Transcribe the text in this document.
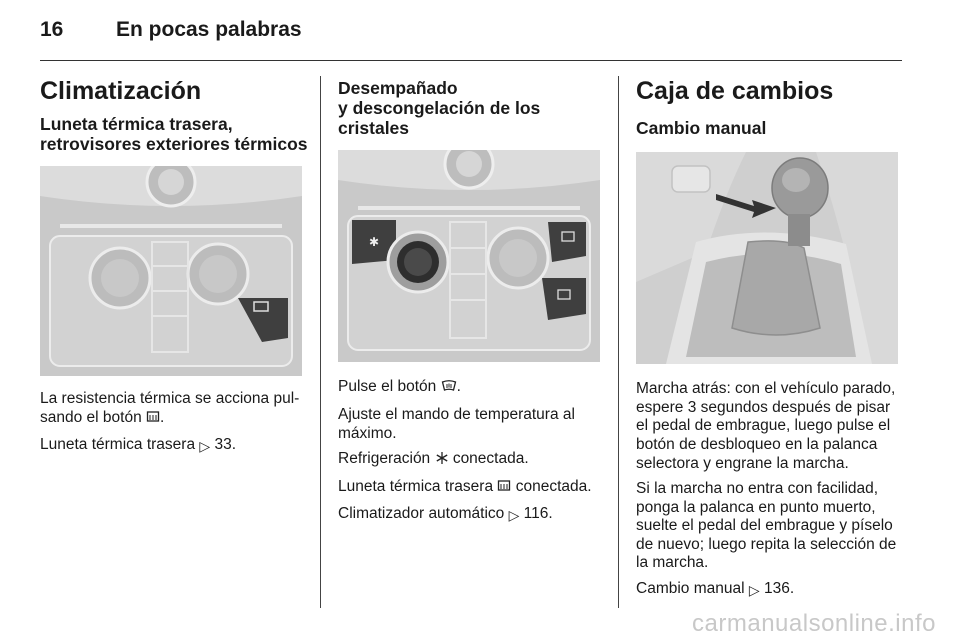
16	En pocas palabras
Climatización
Luneta térmica trasera,
retrovisores exteriores térmicos

La resistencia térmica se acciona pul-sando el botón .

Luneta térmica trasera ▷ 33.

Desempañado
y descongelación de los
cristales
✱

Pulse el botón .

Ajuste el mando de temperatura al máximo.

Refrigeración conectada.

Luneta térmica trasera conectada.

Climatizador automático ▷ 116.

Caja de cambios
Cambio manual

Marcha atrás: con el vehículo parado, espere 3 segundos después de pisar el pedal de embrague, luego pulse el botón de desbloqueo en la palanca selectora y engrane la marcha.

Si la marcha no entra con facilidad, ponga la palanca en punto muerto, suelte el pedal del embrague y píselo de nuevo; luego repita la selección de la marcha.

Cambio manual ▷ 136.

carmanualsonline.info
